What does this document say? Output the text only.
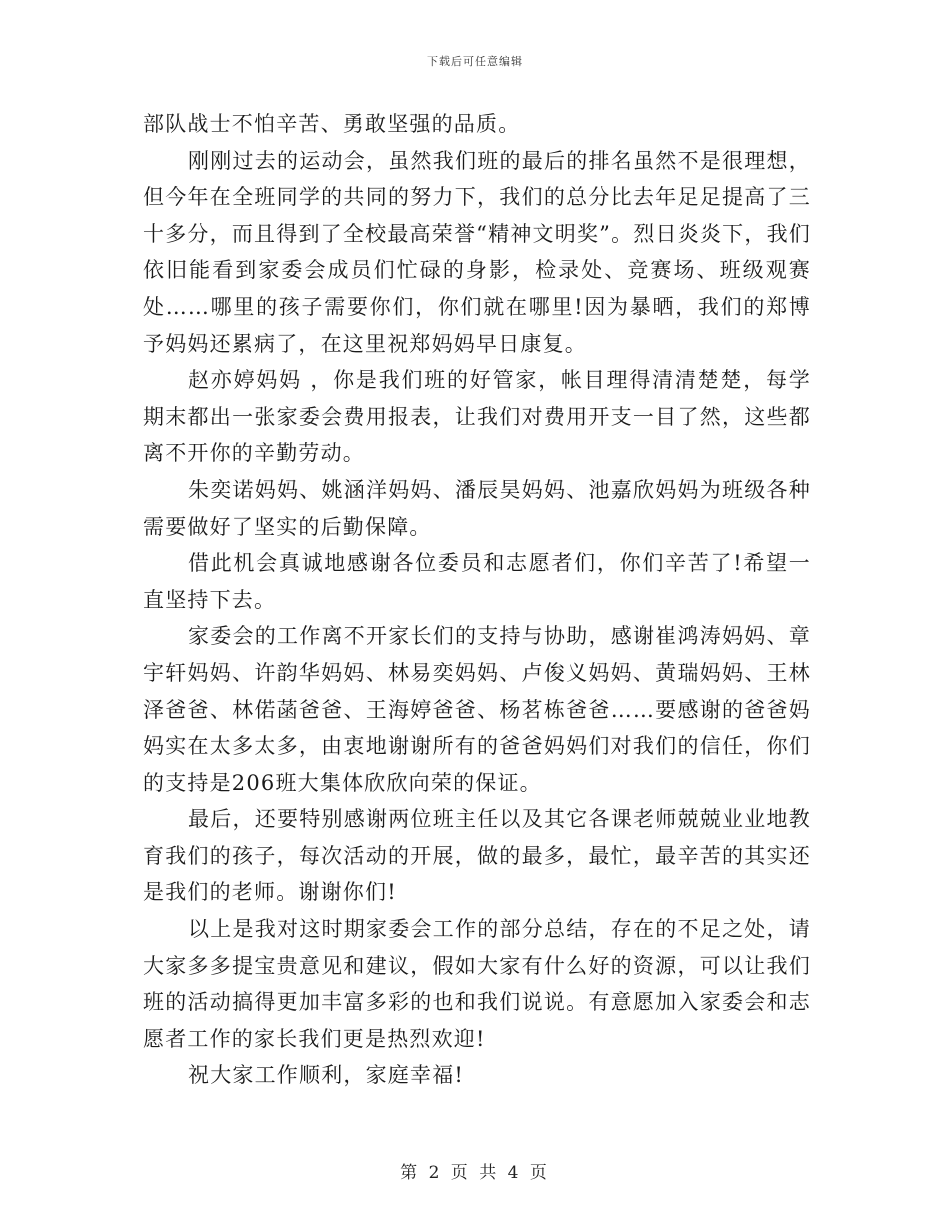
下载后可任意编辑

部队战士不怕辛苦、勇敢坚强的品质。

刚刚过去的运动会，虽然我们班的最后的排名虽然不是很理想，但今年在全班同学的共同的努力下，我们的总分比去年足足提高了三十多分，而且得到了全校最高荣誉“精神文明奖”。烈日炎炎下，我们依旧能看到家委会成员们忙碌的身影，检录处、竞赛场、班级观赛处……哪里的孩子需要你们，你们就在哪里!因为暴晒，我们的郑博予妈妈还累病了，在这里祝郑妈妈早日康复。

赵亦婷妈妈 ，你是我们班的好管家，帐目理得清清楚楚，每学期末都出一张家委会费用报表，让我们对费用开支一目了然，这些都离不开你的辛勤劳动。

朱奕诺妈妈、姚涵洋妈妈、潘辰昊妈妈、池嘉欣妈妈为班级各种需要做好了坚实的后勤保障。

借此机会真诚地感谢各位委员和志愿者们，你们辛苦了!希望一直坚持下去。

家委会的工作离不开家长们的支持与协助，感谢崔鸿涛妈妈、章宇轩妈妈、许韵华妈妈、林易奕妈妈、卢俊义妈妈、黄瑞妈妈、王林泽爸爸、林偌菡爸爸、王海婷爸爸、杨茗栋爸爸……要感谢的爸爸妈妈实在太多太多，由衷地谢谢所有的爸爸妈妈们对我们的信任，你们的支持是206班大集体欣欣向荣的保证。

最后，还要特别感谢两位班主任以及其它各课老师兢兢业业地教育我们的孩子，每次活动的开展，做的最多，最忙，最辛苦的其实还是我们的老师。谢谢你们!

以上是我对这时期家委会工作的部分总结，存在的不足之处，请大家多多提宝贵意见和建议，假如大家有什么好的资源，可以让我们班的活动搞得更加丰富多彩的也和我们说说。有意愿加入家委会和志愿者工作的家长我们更是热烈欢迎!

祝大家工作顺利，家庭幸福!

第 2 页 共 4 页
